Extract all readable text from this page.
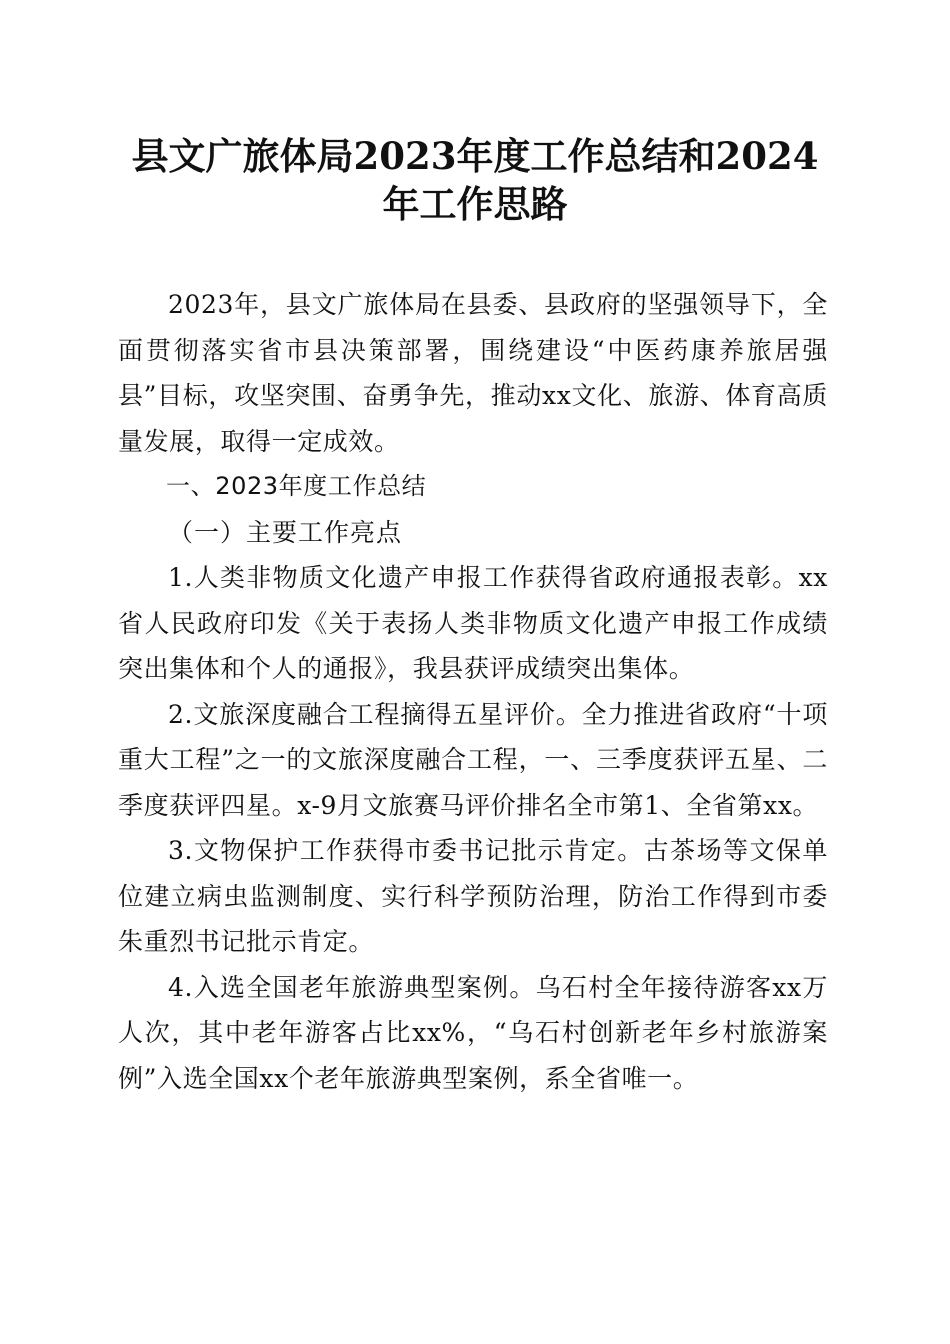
县文广旅体局2023年度工作总结和2024年工作思路

2023年，县文广旅体局在县委、县政府的坚强领导下，全面贯彻落实省市县决策部署，围绕建设“中医药康养旅居强县”目标，攻坚突围、奋勇争先，推动xx文化、旅游、体育高质量发展，取得一定成效。

一、2023年度工作总结

（一）主要工作亮点

1.人类非物质文化遗产申报工作获得省政府通报表彰。xx省人民政府印发《关于表扬人类非物质文化遗产申报工作成绩突出集体和个人的通报》，我县获评成绩突出集体。

2.文旅深度融合工程摘得五星评价。全力推进省政府“十项重大工程”之一的文旅深度融合工程，一、三季度获评五星、二季度获评四星。x-9月文旅赛马评价排名全市第1、全省第xx。

3.文物保护工作获得市委书记批示肯定。古茶场等文保单位建立病虫监测制度、实行科学预防治理，防治工作得到市委朱重烈书记批示肯定。

4.入选全国老年旅游典型案例。乌石村全年接待游客xx万人次，其中老年游客占比xx%，“乌石村创新老年乡村旅游案例”入选全国xx个老年旅游典型案例，系全省唯一。
